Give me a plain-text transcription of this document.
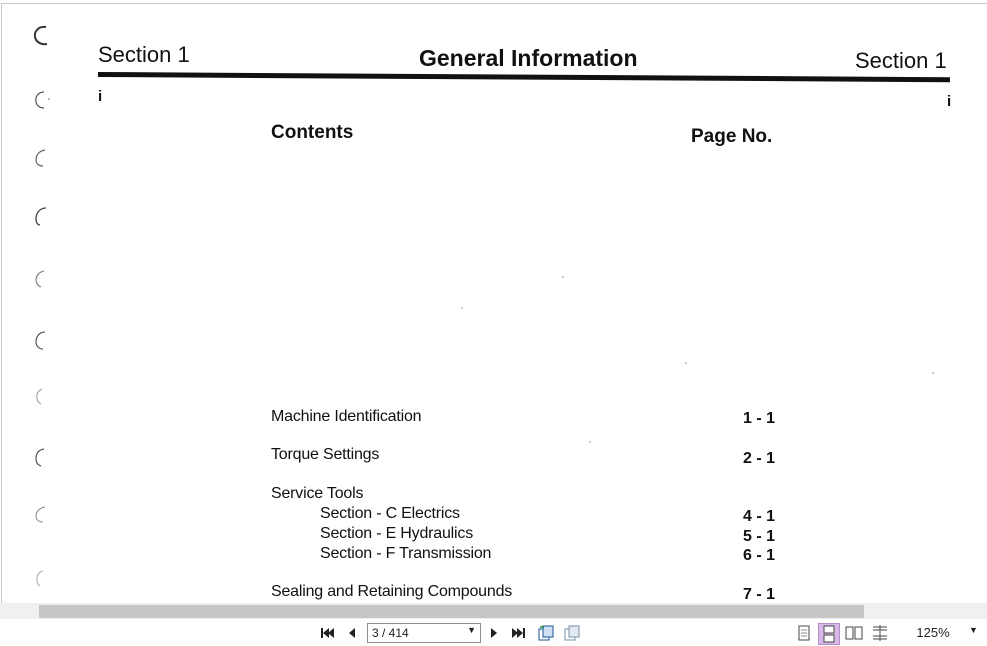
Section 1	General Information	Section 1
i	i
Contents	Page No.
Machine Identification	1 - 1
Torque Settings	2 - 1
Service Tools
Section - C Electrics	4 - 1
Section - E Hydraulics	5 - 1
Section - F Transmission	6 - 1
Sealing and Retaining Compounds	7 - 1
3 / 414	▼	125%	▼
